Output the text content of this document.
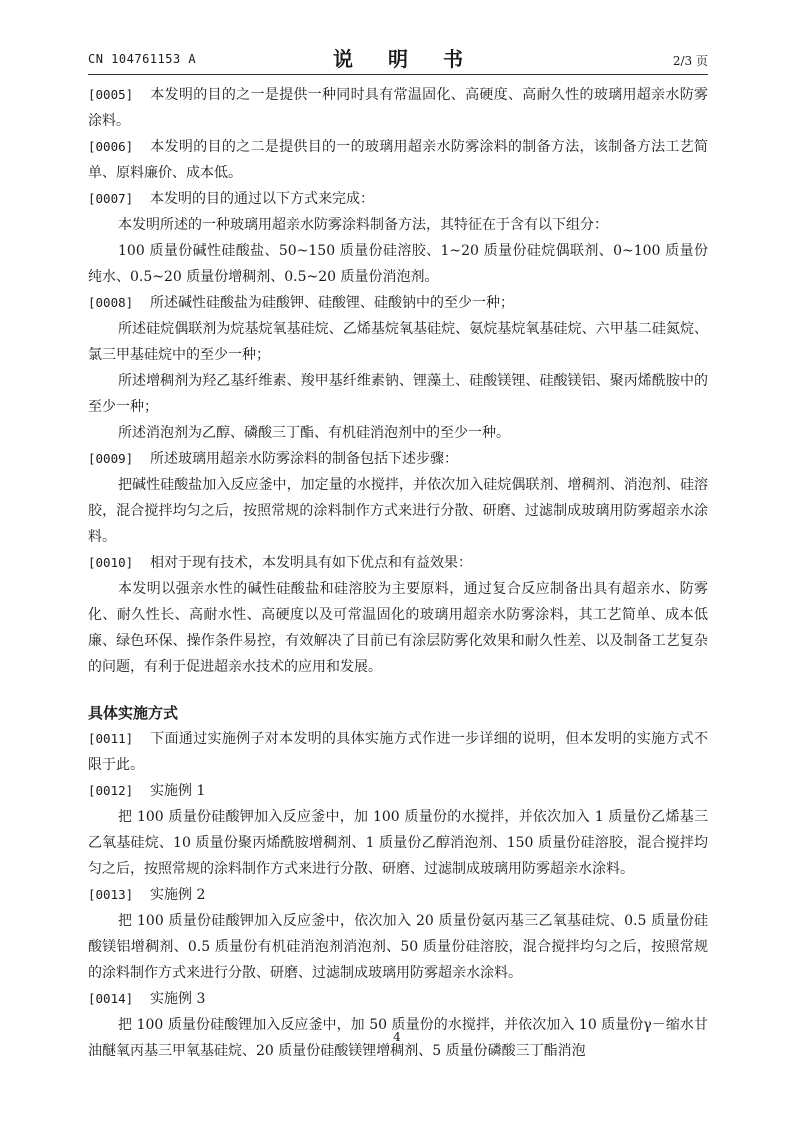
CN 104761153 A	说 明 书	2/3 页
[0005] 本发明的目的之一是提供一种同时具有常温固化、高硬度、高耐久性的玻璃用超亲水防雾涂料。
[0006] 本发明的目的之二是提供目的一的玻璃用超亲水防雾涂料的制备方法，该制备方法工艺简单、原料廉价、成本低。
[0007] 本发明的目的通过以下方式来完成：
本发明所述的一种玻璃用超亲水防雾涂料制备方法，其特征在于含有以下组分：
100 质量份碱性硅酸盐、50~150 质量份硅溶胶、1~20 质量份硅烷偶联剂、0~100 质量份纯水、0.5~20 质量份增稠剂、0.5~20 质量份消泡剂。
[0008] 所述碱性硅酸盐为硅酸钾、硅酸锂、硅酸钠中的至少一种；
所述硅烷偶联剂为烷基烷氧基硅烷、乙烯基烷氧基硅烷、氨烷基烷氧基硅烷、六甲基二硅氮烷、氯三甲基硅烷中的至少一种；
所述增稠剂为羟乙基纤维素、羧甲基纤维素钠、锂藻土、硅酸镁锂、硅酸镁铝、聚丙烯酰胺中的至少一种；
所述消泡剂为乙醇、磷酸三丁酯、有机硅消泡剂中的至少一种。
[0009] 所述玻璃用超亲水防雾涂料的制备包括下述步骤：
把碱性硅酸盐加入反应釜中，加定量的水搅拌，并依次加入硅烷偶联剂、增稠剂、消泡剂、硅溶胶，混合搅拌均匀之后，按照常规的涂料制作方式来进行分散、研磨、过滤制成玻璃用防雾超亲水涂料。
[0010] 相对于现有技术，本发明具有如下优点和有益效果：
本发明以强亲水性的碱性硅酸盐和硅溶胶为主要原料，通过复合反应制备出具有超亲水、防雾化、耐久性长、高耐水性、高硬度以及可常温固化的玻璃用超亲水防雾涂料，其工艺简单、成本低廉、绿色环保、操作条件易控，有效解决了目前已有涂层防雾化效果和耐久性差、以及制备工艺复杂的问题，有利于促进超亲水技术的应用和发展。
具体实施方式
[0011] 下面通过实施例子对本发明的具体实施方式作进一步详细的说明，但本发明的实施方式不限于此。
[0012] 实施例 1
把 100 质量份硅酸钾加入反应釜中，加 100 质量份的水搅拌，并依次加入 1 质量份乙烯基三乙氧基硅烷、10 质量份聚丙烯酰胺增稠剂、1 质量份乙醇消泡剂、150 质量份硅溶胶，混合搅拌均匀之后，按照常规的涂料制作方式来进行分散、研磨、过滤制成玻璃用防雾超亲水涂料。
[0013] 实施例 2
把 100 质量份硅酸钾加入反应釜中，依次加入 20 质量份氨丙基三乙氧基硅烷、0.5 质量份硅酸镁铝增稠剂、0.5 质量份有机硅消泡剂消泡剂、50 质量份硅溶胶，混合搅拌均匀之后，按照常规的涂料制作方式来进行分散、研磨、过滤制成玻璃用防雾超亲水涂料。
[0014] 实施例 3
把 100 质量份硅酸锂加入反应釜中，加 50 质量份的水搅拌，并依次加入 10 质量份γ－缩水甘油醚氧丙基三甲氧基硅烷、20 质量份硅酸镁锂增稠剂、5 质量份磷酸三丁酯消泡
4
